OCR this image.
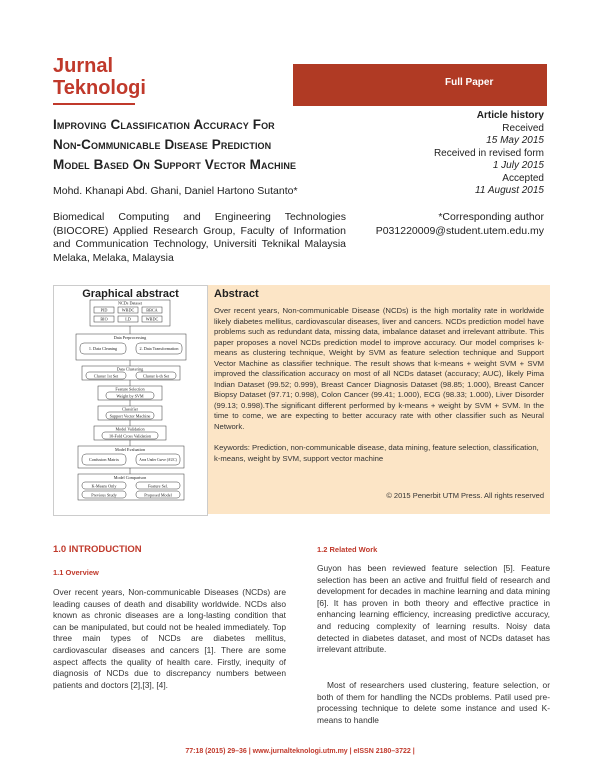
Jurnal
Teknologi	Full Paper
Improving Classification Accuracy For
Non-Communicable Disease Prediction
Model Based On Support Vector Machine
Article history
Received
15 May 2015
Received in revised form
1 July 2015
Accepted
11 August 2015
Mohd. Khanapi Abd. Ghani, Daniel Hartono Sutanto*
Biomedical Computing and Engineering Technologies (BIOCORE) Applied Research Group, Faculty of Information and Communication Technology, Universiti Teknikal Malaysia Melaka, Melaka, Malaysia
*Corresponding author
P031220009@student.utem.edu.my
Graphical abstract
NCDs Dataset
PID	WBDC	BBCA
BIO	LD	WBDC
Data Preprocessing
1. Data Cleaning	2. Data Transformation
Data Clustering
Cluster 1st Set	Cluster k-th Set
Feature Selection
Weight by SVM
Classifier
Support Vector Machine
Model Validation
10-Fold Cross Validation
Model Evaluation
Confusion Matrix	Area Under Curve (AUC)
Model Comparison
K-Means Only	Feature Sel.
Previous Study	Proposed Model
Abstract
Over recent years, Non-communicable Disease (NCDs) is the high mortality rate in worldwide likely diabetes mellitus, cardiovascular diseases, liver and cancers. NCDs prediction model have problems such as redundant data, missing data, imbalance dataset and irrelevant attribute. This paper proposes a novel NCDs prediction model to improve accuracy. Our model comprises k-means as clustering technique, Weight by SVM as feature selection technique and Support Vector Machine as classifier technique. The result shows that k-means + weight SVM + SVM improved the classification accuracy on most of all NCDs dataset (accuracy; AUC), likely Pima Indian Dataset (99.52; 0.999), Breast Cancer Diagnosis Dataset (98.85; 1.000), Breast Cancer Biopsy Dataset (97.71; 0.998), Colon Cancer (99.41; 1.000), ECG (98.33; 1.000), Liver Disorder (99.13; 0.998).The significant different performed by k-means + weight by SVM + SVM. In the time to come, we are expecting to better accuracy rate with other classifier such as Neural Network.
Keywords: Prediction, non-communicable disease, data mining, feature selection, classification, k-means, weight by SVM, support vector machine
© 2015 Penerbit UTM Press. All rights reserved
1.0 INTRODUCTION
1.1 Overview
Over recent years, Non-communicable Diseases (NCDs) are leading causes of death and disability worldwide. NCDs also known as chronic diseases are a long-lasting condition that can be manipulated, but could not be healed immediately. Top three main types of NCDs are diabetes mellitus, cardiovascular diseases and cancers [1]. There are some aspect affects the quality of health care. Firstly, inequity of diagnosis of NCDs due to discrepancy numbers between patients and doctors [2],[3], [4].
1.2 Related Work
Guyon has been reviewed feature selection [5]. Feature selection has been an active and fruitful field of research and development for decades in machine learning and data mining [6]. It has proven in both theory and effective practice in enhancing learning efficiency, increasing predictive accuracy, and reducing complexity of learning results. Noisy data detected in diabetes dataset, and most of NCDs dataset has irrelevant attribute.
Most of researchers used clustering, feature selection, or both of them for handling the NCDs problems. Patil used pre-processing technique to delete some instance and used K-means to handle
77:18 (2015) 29–36 | www.jurnalteknologi.utm.my | eISSN 2180–3722 |
